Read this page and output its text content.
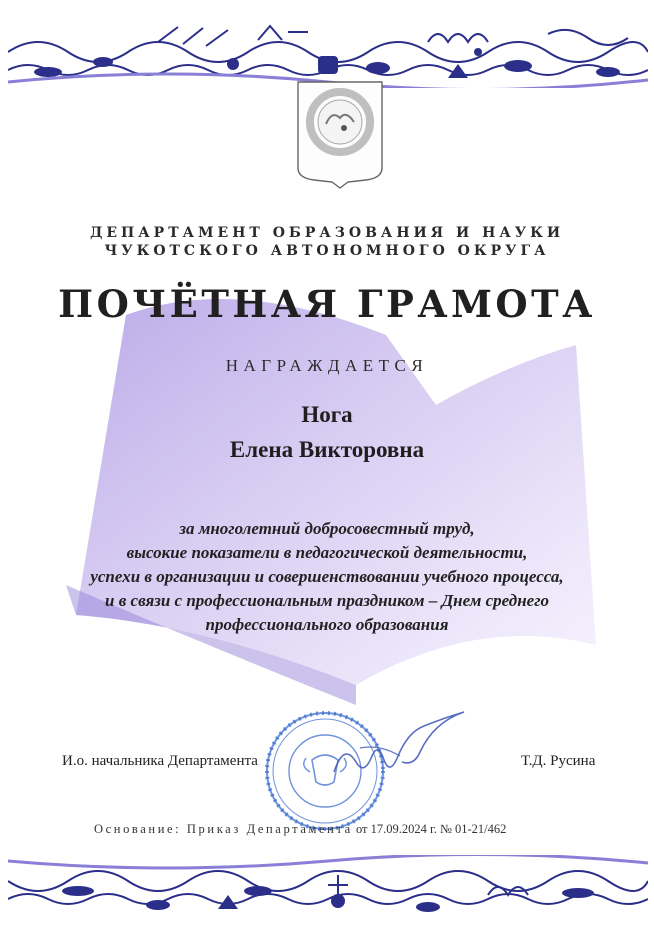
ДЕПАРТАМЕНТ ОБРАЗОВАНИЯ И НАУКИ
ЧУКОТСКОГО АВТОНОМНОГО ОКРУГА
ПОЧЁТНАЯ ГРАМОТА
НАГРАЖДАЕТСЯ
Нога
Елена Викторовна
за многолетний добросовестный труд,
высокие показатели в педагогической деятельности,
успехи в организации и совершенствовании учебного процесса,
и в связи с профессиональным праздником – Днем среднего
профессионального образования
И.о. начальника Департамента	Т.Д. Русина
Основание: Приказ Департамента от 17.09.2024 г. № 01-21/462
